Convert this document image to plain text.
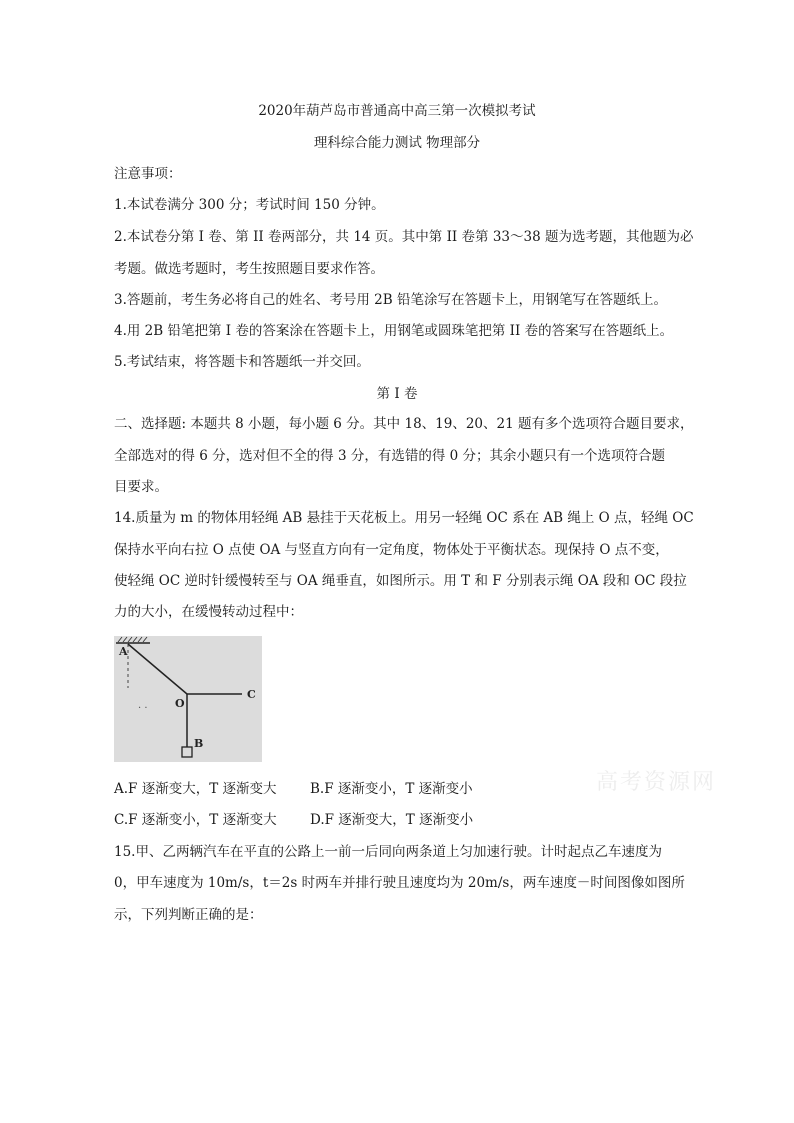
2020年葫芦岛市普通高中高三第一次模拟考试
理科综合能力测试 物理部分
注意事项：
1.本试卷满分 300 分；考试时间 150 分钟。
2.本试卷分第 I 卷、第 II 卷两部分，共 14 页。其中第 II 卷第 33～38 题为选考题，其他题为必
考题。做选考题时，考生按照题目要求作答。
3.答题前，考生务必将自己的姓名、考号用 2B 铅笔涂写在答题卡上，用钢笔写在答题纸上。
4.用 2B 铅笔把第 I 卷的答案涂在答题卡上，用钢笔或圆珠笔把第 II 卷的答案写在答题纸上。
5.考试结束，将答题卡和答题纸一并交回。
第 I 卷
二、选择题: 本题共 8 小题，每小题 6 分。其中 18、19、20、21 题有多个选项符合题目要求，
全部选对的得 6 分，选对但不全的得 3 分，有选错的得 0 分；其余小题只有一个选项符合题
目要求。
14.质量为 m 的物体用轻绳 AB 悬挂于天花板上。用另一轻绳 OC 系在 AB 绳上 O 点，轻绳 OC
保持水平向右拉 O 点使 OA 与竖直方向有一定角度，物体处于平衡状态。现保持 O 点不变，
使轻绳 OC 逆时针缓慢转至与 OA 绳垂直，如图所示。用 T 和 F 分别表示绳 OA 段和 OC 段拉
力的大小，在缓慢转动过程中：
· ·
A
O
C
B
高考资源网
A.F 逐渐变大，T 逐渐变大 B.F 逐渐变小，T 逐渐变小
C.F 逐渐变小，T 逐渐变大 D.F 逐渐变大，T 逐渐变小
15.甲、乙两辆汽车在平直的公路上一前一后同向两条道上匀加速行驶。计时起点乙车速度为
0，甲车速度为 10m/s，t＝2s 时两车并排行驶且速度均为 20m/s，两车速度－时间图像如图所
示，下列判断正确的是：
